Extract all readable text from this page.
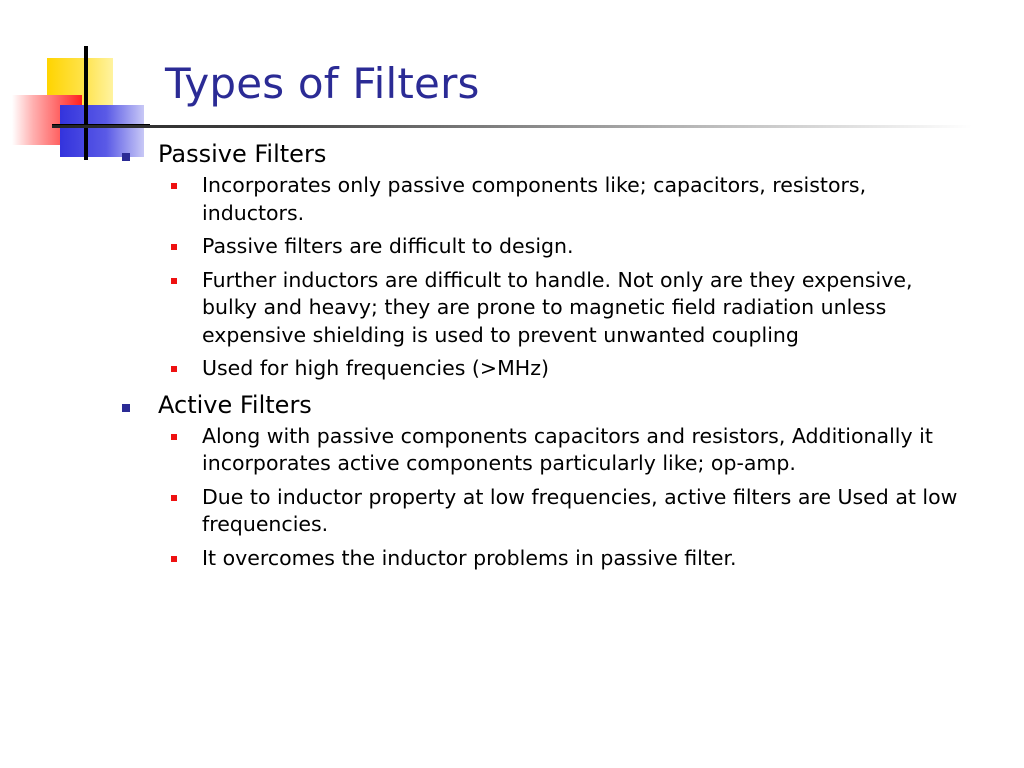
Types of Filters
Passive Filters
Incorporates only passive components like; capacitors, resistors, inductors.
Passive filters are difficult to design.
Further inductors are difficult to handle. Not only are they expensive, bulky and heavy; they are prone to magnetic field radiation unless expensive shielding is used to prevent unwanted coupling
Used for high frequencies (>MHz)
Active Filters
Along with passive components capacitors and resistors, Additionally it incorporates active components particularly like; op-amp.
Due to inductor property at low frequencies, active filters are Used at low frequencies.
It overcomes the inductor problems in passive filter.
